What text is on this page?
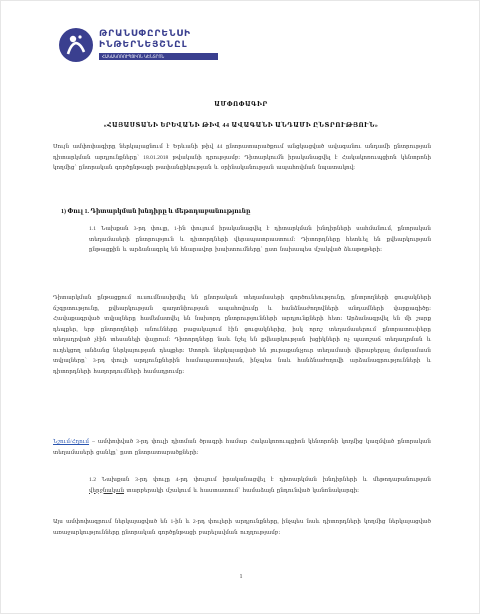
ԹՐԱՆՍՓԸՐԵՆՍԻ
ԻՆԹԵՐՆԵՅՇՆԸԼ
ՀԱԿԱԿՈՌՈՒՊՑԻՈՆ ԿԵՆՏՐՈՆ
ԱՄՓՈՓԱԳԻՐ
«ՀԱՅԱՍՏԱՆԻ ԵՐԵՎԱՆԻ ԹԻՎ 44 ԱՎԱԳԱՆԻ ԱՆԴԱՄԻ ԸՆՏՐՈՒԹՅՈՒՆ»
Սույն ամփոփագիրը ներկայացնում է Երևանի թիվ 44 ընտրատարածքում անցկացված ավագանու անդամի ընտրության դիտարկման արդյունքները՝ 18.01.2018 թվականի դրությամբ։ Դիտարկումն իրականացվել է Հակակոռուպցիոն կենտրոնի կողմից՝ ընտրական գործընթացի թափանցիկության և օրինականության ապահովման նպատակով։
1) Փուլ 1. Դիտարկման խնդիրը և մեթոդաբանությունը
1.1 Նախքան 3-րդ փուլը, 1-ին փուլում իրականացվել է դիտարկման խնդիրների սահմանում, ընտրական տեղամասերի ընտրություն և դիտորդների վերապատրաստում։ Դիտորդները հետևել են քվեարկության ընթացքին և արձանագրել են հնարավոր խախտումները՝ ըստ նախապես մշակված ձևաթղթերի։
Դիտարկման ընթացքում ուսումնասիրվել են ընտրական տեղամասերի գործունեությունը, ընտրողների ցուցակների ճշգրտությունը, քվեարկության գաղտնիության ապահովումը և հանձնաժողովների անդամների վարքագիծը։ Հավաքագրված տվյալները համեմատվել են նախորդ ընտրությունների արդյունքների հետ։ Արձանագրվել են մի շարք դեպքեր, երբ ընտրողների անունները բացակայում էին ցուցակներից, իսկ որոշ տեղամասերում ընտրատուփերը տեղադրված չէին տեսանելի վայրում։ Դիտորդները նաև նշել են քվեարկության խցիկների ոչ պատշաճ տեղադրման և ուղեկցող անձանց ներկայության դեպքեր։ Ստորև ներկայացված են յուրաքանչյուր տեղամասի վերաբերյալ մանրամասն տվյալները՝ 3-րդ փուլի արդյունքներին համապատասխան, ինչպես նաև հանձնաժողովի արձանագրությունների և դիտորդների հաղորդումների համադրումը։
Նշում/Հղում – ամփոփված 3-րդ փուլի դիտման ծրագրի համար Հակակոռուպցիոն կենտրոնի կողմից կազմված ընտրական տեղամասերի ցանկը՝ ըստ ընտրատարածքների։
1.2 Նախքան 3-րդ փուլը 4-րդ փուլում իրականացվել է դիտարկման խնդիրների և մեթոդաբանության վերջնական տարբերակի մշակում և հաստատում՝ համաձայն ընդունված կանոնակարգի։
Այս ամփոփագրում ներկայացված են 1-ին և 2-րդ փուլերի արդյունքները, ինչպես նաև դիտորդների կողմից ներկայացված առաջարկությունները ընտրական գործընթացի բարելավման ուղղությամբ։
1
